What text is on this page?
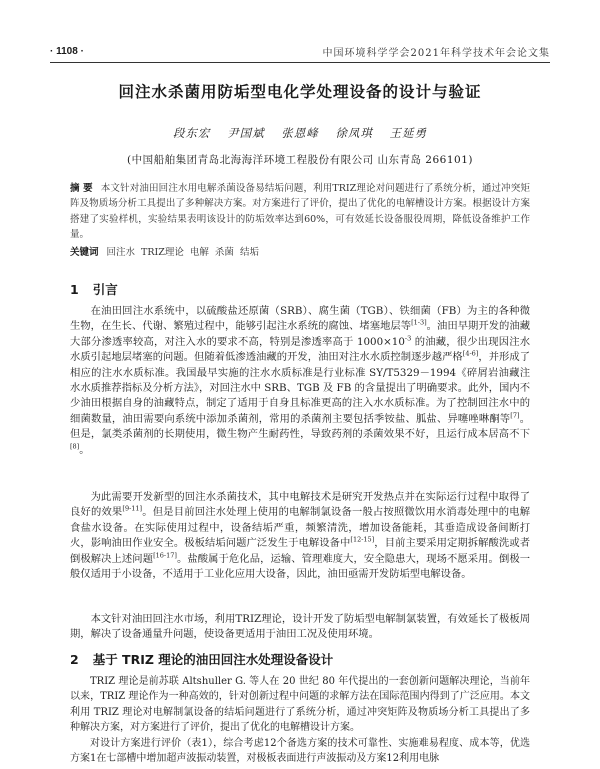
· 1108 ·	中国环境科学学会2021年科学技术年会论文集
回注水杀菌用防垢型电化学处理设备的设计与验证
段东宏 尹国斌 张恩峰 徐凤琪 王延勇
(中国船舶集团青岛北海海洋环境工程股份有限公司 山东青岛 266101)
摘 要 本文针对油田回注水用电解杀菌设备易结垢问题，利用TRIZ理论对问题进行了系统分析，通过冲突矩阵及物质场分析工具提出了多种解决方案。对方案进行了评价，提出了优化的电解槽设计方案。根据设计方案搭建了实验样机，实验结果表明该设计的防垢效率达到60%，可有效延长设备服役周期，降低设备维护工作量。
关键词 回注水 TRIZ理论 电解 杀菌 结垢
1 引言
在油田回注水系统中，以硫酸盐还原菌（SRB）、腐生菌（TGB）、铁细菌（FB）为主的各种微生物，在生长、代谢、繁殖过程中，能够引起注水系统的腐蚀、堵塞地层等[1-3]。油田早期开发的油藏大部分渗透率较高，对注入水的要求不高，特别是渗透率高于 $1000\times 10^{-3}$ 的油藏，很少出现因注水水质引起地层堵塞的问题。但随着低渗透油藏的开发，油田对注水水质控制逐步越严格[4-6]，并形成了相应的注水水质标准。我国最早实施的注水水质标准是行业标准 SY/T5329－1994《碎屑岩油藏注水水质推荐指标及分析方法》，对回注水中 SRB、TGB 及 FB 的含量提出了明确要求。此外，国内不少油田根据自身的油藏特点，制定了适用于自身且标准更高的注入水水质标准。为了控制回注水中的细菌数量，油田需要向系统中添加杀菌剂，常用的杀菌剂主要包括季铵盐、胍盐、异噻唑啉酮等[7]。但是，氯类杀菌剂的长期使用，微生物产生耐药性，导致药剂的杀菌效果不好，且运行成本居高不下[8]。
为此需要开发新型的回注水杀菌技术，其中电解技术是研究开发热点并在实际运行过程中取得了良好的效果[9-11]。但是目前回注水处理上使用的电解制氯设备一般占按照微饮用水消毒处理中的电解食盐水设备。在实际使用过程中，设备结垢严重，频繁清洗，增加设备能耗，其垂造成设备间断打火，影响油田作业安全。极板结垢问题广泛发生于电解设备中[12-15]，目前主要采用定期拆解酸洗或者倒极解决上述问题[16-17]。盐酸属于危化品，运输、管理难度大，安全隐患大，现场不愿采用。倒极一般仅适用于小设备，不适用于工业化应用大设备，因此，油田亟需开发防垢型电解设备。
本文针对油田回注水市场，利用TRIZ理论，设计开发了防垢型电解制氯装置，有效延长了极板周期，解决了设备通量升问题，使设备更适用于油田工况及使用环境。
2 基于 TRIZ 理论的油田回注水处理设备设计
TRIZ 理论是前苏联 Altshuller G. 等人在 20 世纪 80 年代提出的一套创新问题解决理论，当前年以来，TRIZ 理论作为一种高效的，针对创新过程中问题的求解方法在国际范围内得到了广泛应用。本文利用 TRIZ 理论对电解制氯设备的结垢问题进行了系统分析，通过冲突矩阵及物质场分析工具提出了多种解决方案，对方案进行了评价，提出了优化的电解槽设计方案。
对设计方案进行评价（表1），综合考虑12个备选方案的技术可靠性、实施难易程度、成本等，优选方案1在七部槽中增加超声波振动装置，对极板表面进行声波振动及方案12利用电脉
